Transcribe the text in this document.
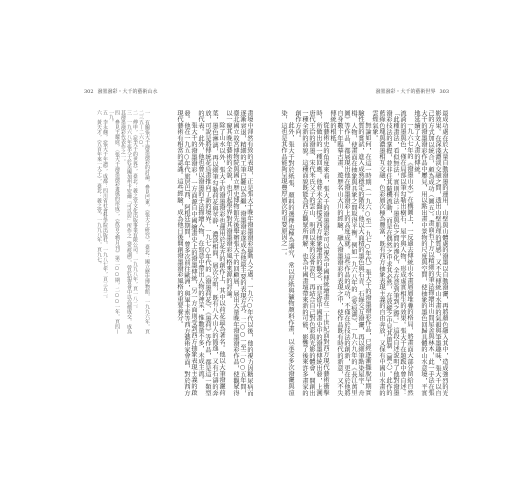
302 潑墨潑彩・大千的藝術山水

畫境中渾然有致的表現，正是張大千晚年潑墨潑彩最動人之處。一九六○年代以後，他的視力因糖尿病而逐漸衰退，精細的工筆已難以為繼，潑墨潑彩遂成為他最主要的表現方式。二○○一至二○○五年間，臺北國立故宮博物院與國立歷史博物館先後舉辦張大千的回顧展，展出大量晚年潑墨潑彩作品，使觀眾得以一窺其晚年藝術的全貌，也引起學界對其潑墨潑彩風格來源的討論。

除了山水以外，張大千的潑墨潑彩也運用於花卉的創作上，其中以荷花最為著名。他以大筆潑灑荷葉，墨色淋漓，再以細筆勾勒荷花與莖幹，濃淡相間，層次分明，既有八大山人的簡逸，又有石濤的奔放，可說是將傳統花鳥畫推向了新的境界。一九七○年代的《潑墨荷花》、《墨荷》等作品，都是這一類型的代表。此外，他也曾以潑墨的手法描繪人物，在寫意中帶出人物的神采，惟數量不多，未成主流。

張大千的潑墨潑彩，一方面源自中國繪畫史上的潑墨傳統，另一方面則受到西方抽象表現主義的啟發。他在一九五○年代旅居巴西、阿根廷期間，曾多次前往歐洲，與畢卡索等西方藝術家會面，對於西方現代藝術有相當的認識。這些經驗，成為他日後開創潑墨潑彩風格的重要養分。

一　有關張大千潑墨潑彩的討論，參見巴東，《張大千研究》，臺北：國立歷史博物館，一九九六年，頁二三五—二六○。

二　傅申，《張大千的世界》，臺北：羲之堂文化出版事業有限公司，一九九八年，頁一八二。

三　一九六八年張大千於美國加州卡密爾「可以居」所作之《愛痕湖》，曾於拍賣會中以高價成交，成為其潑墨潑彩代表作之一。

四　參見王耀庭，〈張大千潑墨潑彩畫風的形成〉，《故宮文物月刊》第二○○期，二○○一年，頁四—一九。

五　李永翹，《張大千年譜》，成都：四川省社會科學院出版社，一九八七年，頁三五二。

六　黃天才，《五百年來一大千》，臺北：羲之堂，一九九八年，頁九七。

潑墨潑彩・大千的藝術世界 303

最成功處在於大量自動潑墨的運用，山壁與山體處的潑墨以自動潑灑，再將顏色融入其中，造成強烈的光影效果。在深淺濃淡交融之間，透出山壁肌理的質感，又不失傳統山水畫的氣韻與筆墨趣味，張大千以自己的方式加以統合，頗為成功（圖五）。畫面右下方以精細的筆法描繪出山間屋舍與林木，此一手法在張大千的潑墨潑彩作品中屢見，用以點出畫中景物的尺度與空間，使抽象的墨色回歸具體的山水意境，平實地延續了文人畫的傳統。

一九六七年的《潑墨山水》在構圖上，一反過去傳統山水畫層層堆疊的格局，將畫面大部分留給自然流淌的墨與色，僅在局部以筆勾勒出樹石、屋宇與人物，形成虛實相生的效果。張大千在題跋中曾自述：「此種畫法，看似無法，實則有法；墨與色之間的滲化，全在意到筆到之際。」這段自述說明了他對潑墨潑彩技法的掌握，並非任其隨機流動，而是在偶然之中求其必然，在放縱之中見其節制（圖六）。此作的藍綠色塊與濃墨相互交融，色彩層次極為豐富，既有西方抽象表現主義的自由奔放，又保有中國山水畫的雲煙氣象。

無論如何，在這一時期（一九六○至一九七○年代）張大千的潑墨潑彩作品，已經逐漸擺脫早期實驗性質的嘗試，進入成熟穩定的階段。他以大面積的墨色與石青、石綠交互潑灑，再以細筆點染屋宇、舟楫、人物，使畫面在抽象與具象之間取得平衡。例如一九六八年的《愛痕湖》、一九六九年的《長江萬里圖》等作品，都展現出他在潑墨潑彩上的高度成就。這些作品的成功，不僅在於技法的創新，更在於他將自身數十年臨摹古畫、遊歷名山大川的經驗，融入潑墨潑彩的表現之中，使作品既有時代的新意，又不失傳統的根柢。

從藝術史的角度來看，張大千的潑墨潑彩可以視為中國傳統繪畫在二十世紀面對西方現代藝術衝擊時，所做出的一種回應。他並未全盤接受西方抽象繪畫的觀念，而是從中國畫史中的潑墨傳統出發，上溯唐代王洽的潑墨、宋代米氏父子的雲山、明清以來的沒骨設色，再結合自己對色彩與光影的體會，開創出一種全新的面貌。這種面貌既能為西方觀眾所理解，也為中國畫壇帶來新的可能，影響了後來許多畫家的創作方向。

此外，張大千對於紙張、顏料的選擇也極為講究，常以厚紙與礦物顏料作畫，以承受多次潑灑與渲染，這也是其作品能夠呈現豐厚層次的重要原因之一。
